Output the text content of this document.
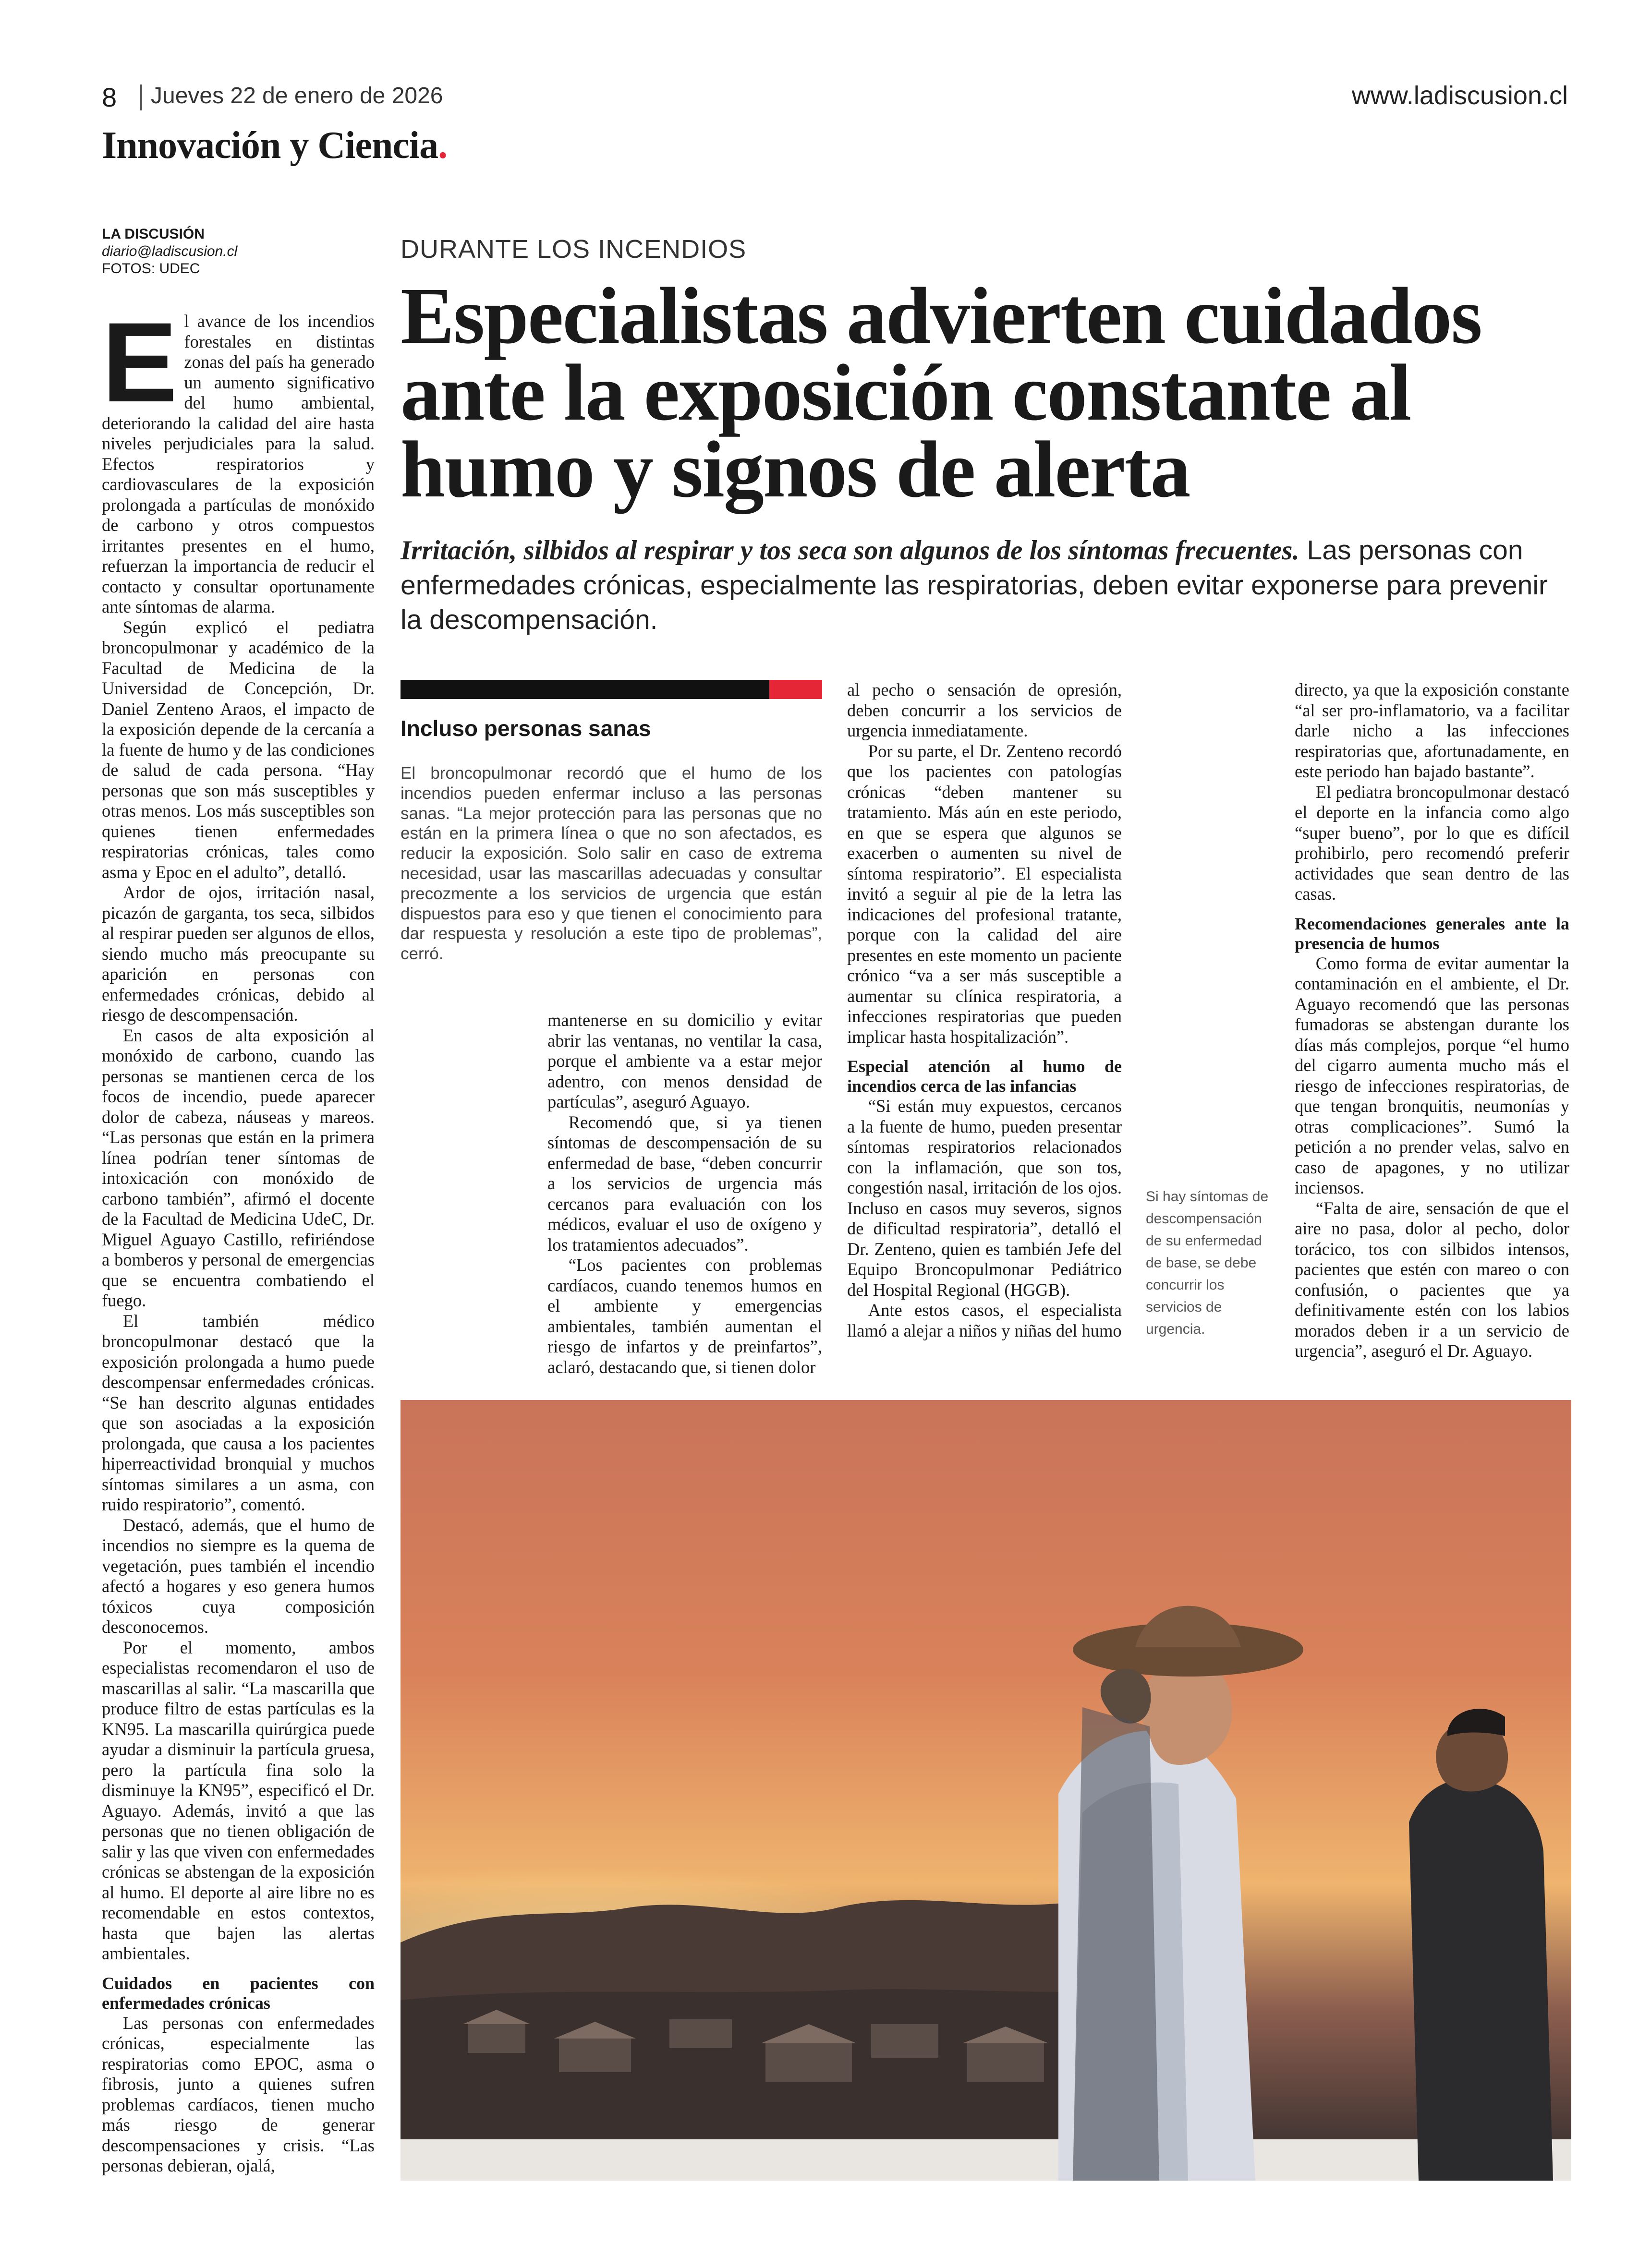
8 Jueves 22 de enero de 2026	www.ladiscusion.cl
Innovación y Ciencia.
LA DISCUSIÓN
diario@ladiscusion.cl
FOTOS: UDEC
DURANTE LOS INCENDIOS
Especialistas advierten cuidados ante la exposición constante al humo y signos de alerta
Irritación, silbidos al respirar y tos seca son algunos de los síntomas frecuentes. Las personas con enfermedades crónicas, especialmente las respiratorias, deben evitar exponerse para prevenir la descompensación.
E l avance de los incendios forestales en distintas zonas del país ha generado un aumento significativo del humo ambiental, deteriorando la calidad del aire hasta niveles perjudiciales para la salud. Efectos respiratorios y cardiovasculares de la exposición prolongada a partículas de monóxido de carbono y otros compuestos irritantes presentes en el humo, refuerzan la importancia de reducir el contacto y consultar oportunamente ante síntomas de alarma.

Según explicó el pediatra broncopulmonar y académico de la Facultad de Medicina de la Universidad de Concepción, Dr. Daniel Zenteno Araos, el impacto de la exposición depende de la cercanía a la fuente de humo y de las condiciones de salud de cada persona. “Hay personas que son más susceptibles y otras menos. Los más susceptibles son quienes tienen enfermedades respiratorias crónicas, tales como asma y Epoc en el adulto”, detalló.

Ardor de ojos, irritación nasal, picazón de garganta, tos seca, silbidos al respirar pueden ser algunos de ellos, siendo mucho más preocupante su aparición en personas con enfermedades crónicas, debido al riesgo de descompensación.

En casos de alta exposición al monóxido de carbono, cuando las personas se mantienen cerca de los focos de incendio, puede aparecer dolor de cabeza, náuseas y mareos. “Las personas que están en la primera línea podrían tener síntomas de intoxicación con monóxido de carbono también”, afirmó el docente de la Facultad de Medicina UdeC, Dr. Miguel Aguayo Castillo, refiriéndose a bomberos y personal de emergencias que se encuentra combatiendo el fuego.

El también médico broncopulmonar destacó que la exposición prolongada a humo puede descompensar enfermedades crónicas. “Se han descrito algunas entidades que son asociadas a la exposición prolongada, que causa a los pacientes hiperreactividad bronquial y muchos síntomas similares a un asma, con ruido respiratorio”, comentó.

Destacó, además, que el humo de incendios no siempre es la quema de vegetación, pues también el incendio afectó a hogares y eso genera humos tóxicos cuya composición desconocemos.

Por el momento, ambos especialistas recomendaron el uso de mascarillas al salir. “La mascarilla que produce filtro de estas partículas es la KN95. La mascarilla quirúrgica puede ayudar a disminuir la partícula gruesa, pero la partícula fina solo la disminuye la KN95”, especificó el Dr. Aguayo. Además, invitó a que las personas que no tienen obligación de salir y las que viven con enfermedades crónicas se abstengan de la exposición al humo. El deporte al aire libre no es recomendable en estos contextos, hasta que bajen las alertas ambientales.

Cuidados en pacientes con enfermedades crónicas

Las personas con enfermedades crónicas, especialmente las respiratorias como EPOC, asma o fibrosis, junto a quienes sufren problemas cardíacos, tienen mucho más riesgo de generar descompensaciones y crisis. “Las personas debieran, ojalá,

Incluso personas sanas
El broncopulmonar recordó que el humo de los incendios pueden enfermar incluso a las personas sanas. “La mejor protección para las personas que no están en la primera línea o que no son afectados, es reducir la exposición. Solo salir en caso de extrema necesidad, usar las mascarillas adecuadas y consultar precozmente a los servicios de urgencia que están dispuestos para eso y que tienen el conocimiento para dar respuesta y resolución a este tipo de problemas”, cerró.

mantenerse en su domicilio y evitar abrir las ventanas, no ventilar la casa, porque el ambiente va a estar mejor adentro, con menos densidad de partículas”, aseguró Aguayo.

Recomendó que, si ya tienen síntomas de descompensación de su enfermedad de base, “deben concurrir a los servicios de urgencia más cercanos para evaluación con los médicos, evaluar el uso de oxígeno y los tratamientos adecuados”.

“Los pacientes con problemas cardíacos, cuando tenemos humos en el ambiente y emergencias ambientales, también aumentan el riesgo de infartos y de preinfartos”, aclaró, destacando que, si tienen dolor

al pecho o sensación de opresión, deben concurrir a los servicios de urgencia inmediatamente.

Por su parte, el Dr. Zenteno recordó que los pacientes con patologías crónicas “deben mantener su tratamiento. Más aún en este periodo, en que se espera que algunos se exacerben o aumenten su nivel de síntoma respiratorio”. El especialista invitó a seguir al pie de la letra las indicaciones del profesional tratante, porque con la calidad del aire presentes en este momento un paciente crónico “va a ser más susceptible a aumentar su clínica respiratoria, a infecciones respiratorias que pueden implicar hasta hospitalización”.

Especial atención al humo de incendios cerca de las infancias

“Si están muy expuestos, cercanos a la fuente de humo, pueden presentar síntomas respiratorios relacionados con la inflamación, que son tos, congestión nasal, irritación de los ojos. Incluso en casos muy severos, signos de dificultad respiratoria”, detalló el Dr. Zenteno, quien es también Jefe del Equipo Broncopulmonar Pediátrico del Hospital Regional (HGGB).

Ante estos casos, el especialista llamó a alejar a niños y niñas del humo

Si hay síntomas de descompensación de su enfermedad de base, se debe concurrir los servicios de urgencia.

directo, ya que la exposición constante “al ser pro-inflamatorio, va a facilitar darle nicho a las infecciones respiratorias que, afortunadamente, en este periodo han bajado bastante”.

El pediatra broncopulmonar destacó el deporte en la infancia como algo “super bueno”, por lo que es difícil prohibirlo, pero recomendó preferir actividades que sean dentro de las casas.

Recomendaciones generales ante la presencia de humos

Como forma de evitar aumentar la contaminación en el ambiente, el Dr. Aguayo recomendó que las personas fumadoras se abstengan durante los días más complejos, porque “el humo del cigarro aumenta mucho más el riesgo de infecciones respiratorias, de que tengan bronquitis, neumonías y otras complicaciones”. Sumó la petición a no prender velas, salvo en caso de apagones, y no utilizar inciensos.

“Falta de aire, sensación de que el aire no pasa, dolor al pecho, dolor torácico, tos con silbidos intensos, pacientes que estén con mareo o con confusión, o pacientes que ya definitivamente estén con los labios morados deben ir a un servicio de urgencia”, aseguró el Dr. Aguayo.
